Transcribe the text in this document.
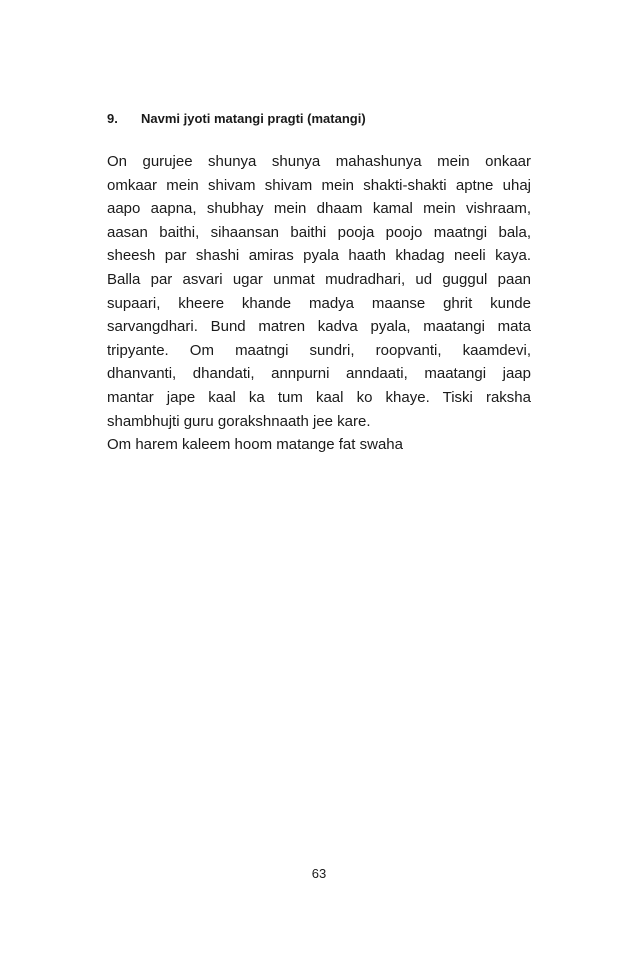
9. Navmi jyoti matangi pragti (matangi)
On gurujee shunya shunya mahashunya mein onkaar
omkaar mein shivam shivam mein shakti-shakti aptne uhaj
aapo aapna, shubhay mein dhaam kamal mein vishraam,
aasan baithi, sihaansan baithi pooja poojo maatngi bala,
sheesh par shashi amiras pyala haath khadag neeli kaya.
Balla par asvari ugar unmat mudradhari, ud guggul paan
supaari, kheere khande madya maanse ghrit kunde
sarvangdhari. Bund matren kadva pyala, maatangi mata
tripyante. Om maatngi sundri, roopvanti, kaamdevi,
dhanvanti, dhandati, annpurni anndaati, maatangi jaap
mantar jape kaal ka tum kaal ko khaye. Tiski raksha
shambhujti guru gorakshnaath jee kare.
Om harem kaleem hoom matange fat swaha
63
